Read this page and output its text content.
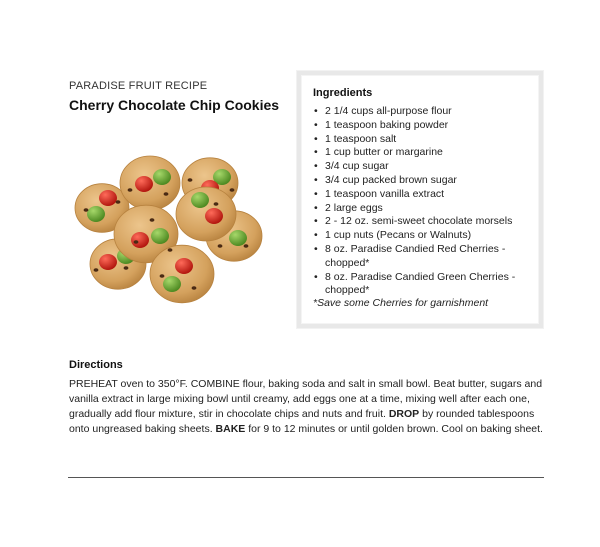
PARADISE FRUIT RECIPE
Cherry Chocolate Chip Cookies
Ingredients
• 2 1/4 cups all-purpose flour
• 1 teaspoon baking powder
• 1 teaspoon salt
• 1 cup butter or margarine
• 3/4 cup sugar
• 3/4 cup packed brown sugar
• 1 teaspoon vanilla extract
• 2 large eggs
• 2 - 12 oz. semi-sweet chocolate morsels
• 1 cup nuts (Pecans or Walnuts)
• 8 oz. Paradise Candied Red Cherries - chopped*
• 8 oz. Paradise Candied Green Cherries - chopped*
*Save some Cherries for garnishment
Directions

PREHEAT oven to 350°F. COMBINE flour, baking soda and salt in small bowl. Beat butter, sugars and vanilla extract in large mixing bowl until creamy, add eggs one at a time, mixing well after each one, gradually add flour mixture, stir in chocolate chips and nuts and fruit. DROP by rounded tablespoons onto ungreased baking sheets. BAKE for 9 to 12 minutes or until golden brown. Cool on baking sheet.
